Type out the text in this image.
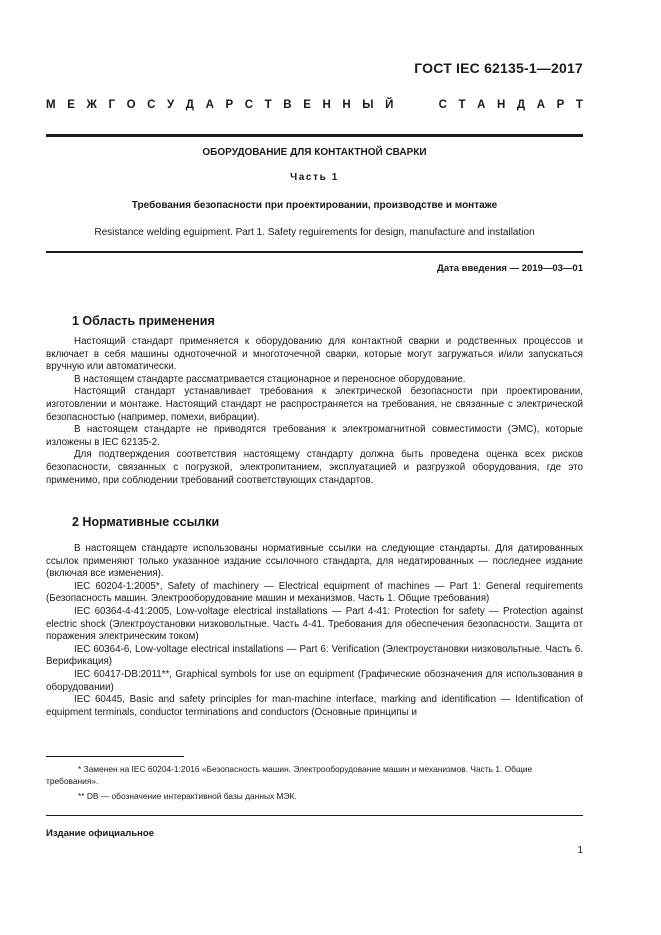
ГОСТ IEC 62135-1—2017
М Е Ж Г О С У Д А Р С Т В Е Н Н Ы Й	С Т А Н Д А Р Т
ОБОРУДОВАНИЕ ДЛЯ КОНТАКТНОЙ СВАРКИ
Часть 1
Требования безопасности при проектировании, производстве и монтаже
Resistance welding eguipment. Part 1. Safety reguirements for design, manufacture and installation
Дата введения — 2019—03—01
1 Область применения

Настоящий стандарт применяется к оборудованию для контактной сварки и родственных процессов и включает в себя машины одноточечной и многоточечной сварки, которые могут загружаться и/или запускаться вручную или автоматически.

В настоящем стандарте рассматривается стационарное и переносное оборудование.

Настоящий стандарт устанавливает требования к электрической безопасности при проектировании, изготовлении и монтаже. Настоящий стандарт не распространяется на требования, не связанные с электрической безопасностью (например, помехи, вибрации).

В настоящем стандарте не приводятся требования к электромагнитной совместимости (ЭМС), которые изложены в IEC 62135-2.

Для подтверждения соответствия настоящему стандарту должна быть проведена оценка всех рисков безопасности, связанных с погрузкой, электропитанием, эксплуатацией и разгрузкой оборудования, где это применимо, при соблюдении требований соответствующих стандартов.

2 Нормативные ссылки

В настоящем стандарте использованы нормативные ссылки на следующие стандарты. Для датированных ссылок применяют только указанное издание ссылочного стандарта, для недатированных — последнее издание (включая все изменения).

IEC 60204-1:2005*, Safety of machinery — Electrical equipment of machines — Part 1: General requirements (Безопасность машин. Электрооборудование машин и механизмов. Часть 1. Общие требования)

IEC 60364-4-41:2005, Low-voltage electrical installations — Part 4-41: Protection for safety — Protection against electric shock (Электроустановки низковольтные. Часть 4-41. Требования для обеспечения безопасности. Защита от поражения электрическим током)

IEC 60364-6, Low-voltage electrical installations — Part 6: Verification (Электроустановки низковольтные. Часть 6. Верификация)

IEC 60417-DB:2011**, Graphical symbols for use on equipment (Графические обозначения для использования в оборудовании)

IEC 60445, Basic and safety principles for man-machine interface, marking and identification — Identification of equipment terminals, conductor terminations and conductors (Основные принципы и

* Заменен на IEC 60204-1:2016 «Безопасность машин. Электрооборудование машин и механизмов. Часть 1. Общие требования».

** DB — обозначение интерактивной базы данных МЭК.

Издание официальное
1
